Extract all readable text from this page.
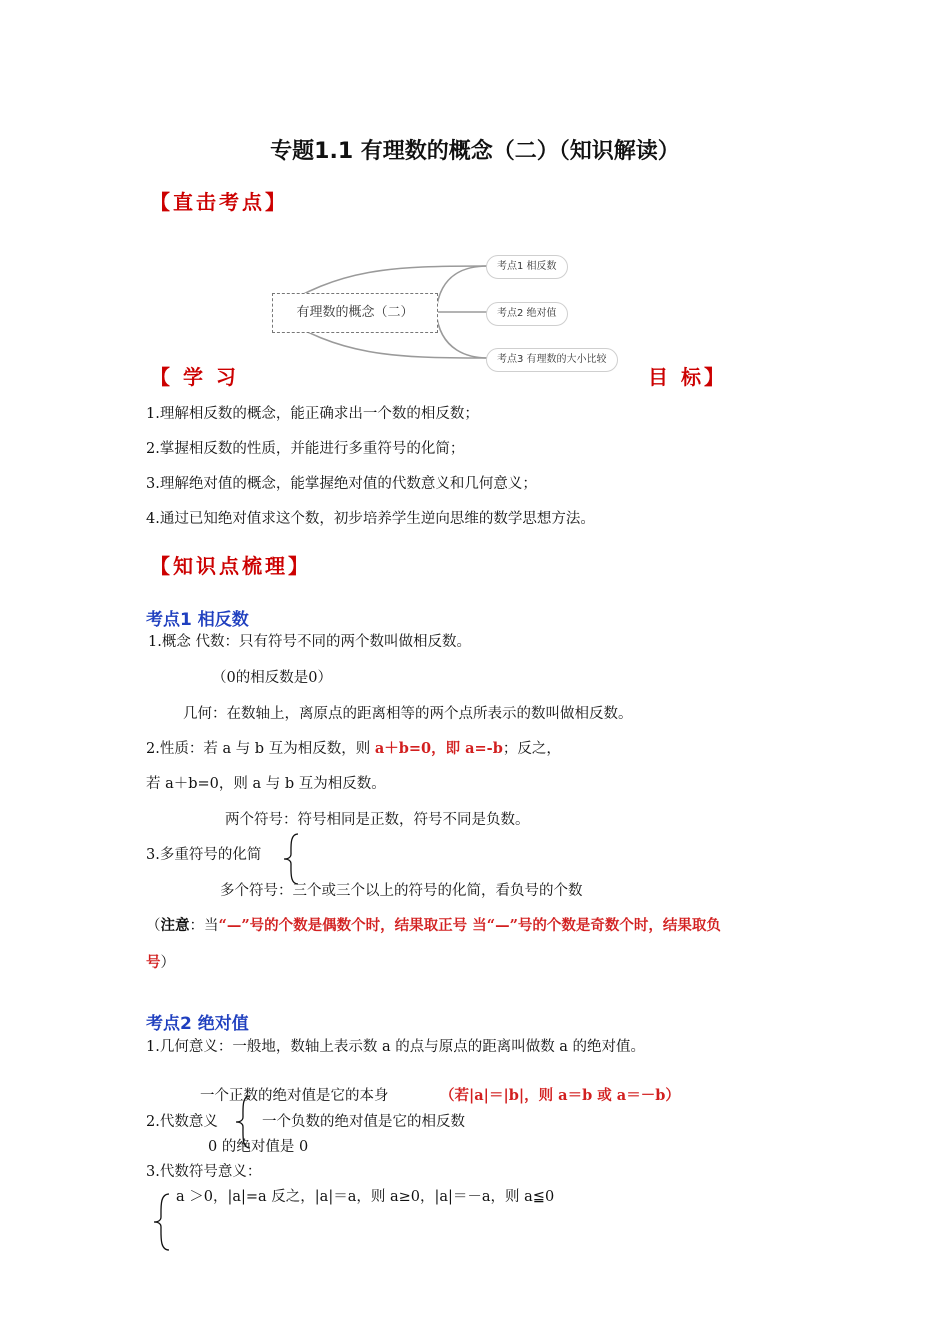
专题1.1 有理数的概念（二）（知识解读）
【直击考点】
有理数的概念（二）
考点1 相反数
考点2 绝对值
考点3 有理数的大小比较
【 学 习	目 标】
1.理解相反数的概念，能正确求出一个数的相反数；
2.掌握相反数的性质，并能进行多重符号的化简；
3.理解绝对值的概念，能掌握绝对值的代数意义和几何意义；
4.通过已知绝对值求这个数，初步培养学生逆向思维的数学思想方法。
【知识点梳理】
考点1 相反数
1.概念 代数：只有符号不同的两个数叫做相反数。
（0的相反数是0）
几何：在数轴上，离原点的距离相等的两个点所表示的数叫做相反数。
2.性质：若 a 与 b 互为相反数，则 a＋b=0，即 a=-b；反之，
若 a＋b=0，则 a 与 b 互为相反数。
两个符号：符号相同是正数，符号不同是负数。
3.多重符号的化简
多个符号：三个或三个以上的符号的化简，看负号的个数
（注意：当“—”号的个数是偶数个时，结果取正号 当“—”号的个数是奇数个时，结果取负
号）
考点2 绝对值
1.几何意义：一般地，数轴上表示数 a 的点与原点的距离叫做数 a 的绝对值。
一个正数的绝对值是它的本身	（若|a|＝|b|，则 a＝b 或 a＝－b）
2.代数意义	一个负数的绝对值是它的相反数
0 的绝对值是 0
3.代数符号意义：
a ＞0，|a|=a 反之，|a|＝a，则 a≥0，|a|＝－a，则 a≦0
